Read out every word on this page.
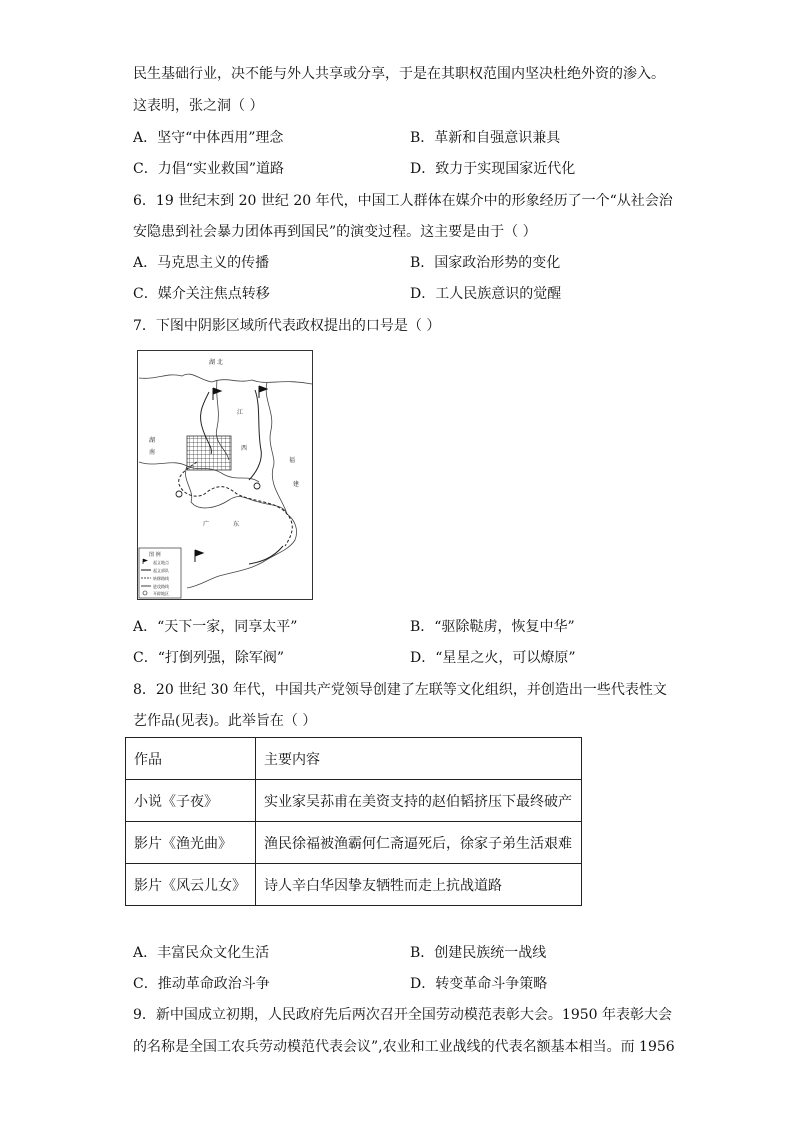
民生基础行业，决不能与外人共享或分享，于是在其职权范围内坚决杜绝外资的渗入。
这表明，张之洞（ ）
A．坚守“中体西用”理念	B．革新和自强意识兼具
C．力倡“实业救国”道路	D．致力于实现国家近代化
6．19 世纪末到 20 世纪 20 年代，中国工人群体在媒介中的形象经历了一个“从社会治
安隐患到社会暴力团体再到国民”的演变过程。这主要是由于（ ）
A．马克思主义的传播	B．国家政治形势的变化
C．媒介关注焦点转移	D．工人民族意识的觉醒
7．下图中阴影区域所代表政权提出的口号是（ ）
湖 北
湖
南
江
西
福
建
广	东
图 例
起义地点
起义部队
转移路线
进攻路线
开辟地区
A．“天下一家，同享太平”	B．“驱除鞑虏，恢复中华”
C．“打倒列强，除军阀”	D．“星星之火，可以燎原”
8．20 世纪 30 年代，中国共产党领导创建了左联等文化组织，并创造出一些代表性文
艺作品(见表)。此举旨在（ ）
作品	主要内容
小说《子夜》	实业家吴荪甫在美资支持的赵伯韬挤压下最终破产
影片《渔光曲》	渔民徐福被渔霸何仁斋逼死后，徐家子弟生活艰难
影片《风云儿女》	诗人辛白华因挚友牺牲而走上抗战道路
A．丰富民众文化生活	B．创建民族统一战线
C．推动革命政治斗争	D．转变革命斗争策略
9．新中国成立初期，人民政府先后两次召开全国劳动模范表彰大会。1950 年表彰大会
的名称是全国工农兵劳动模范代表会议”,农业和工业战线的代表名额基本相当。而 1956
